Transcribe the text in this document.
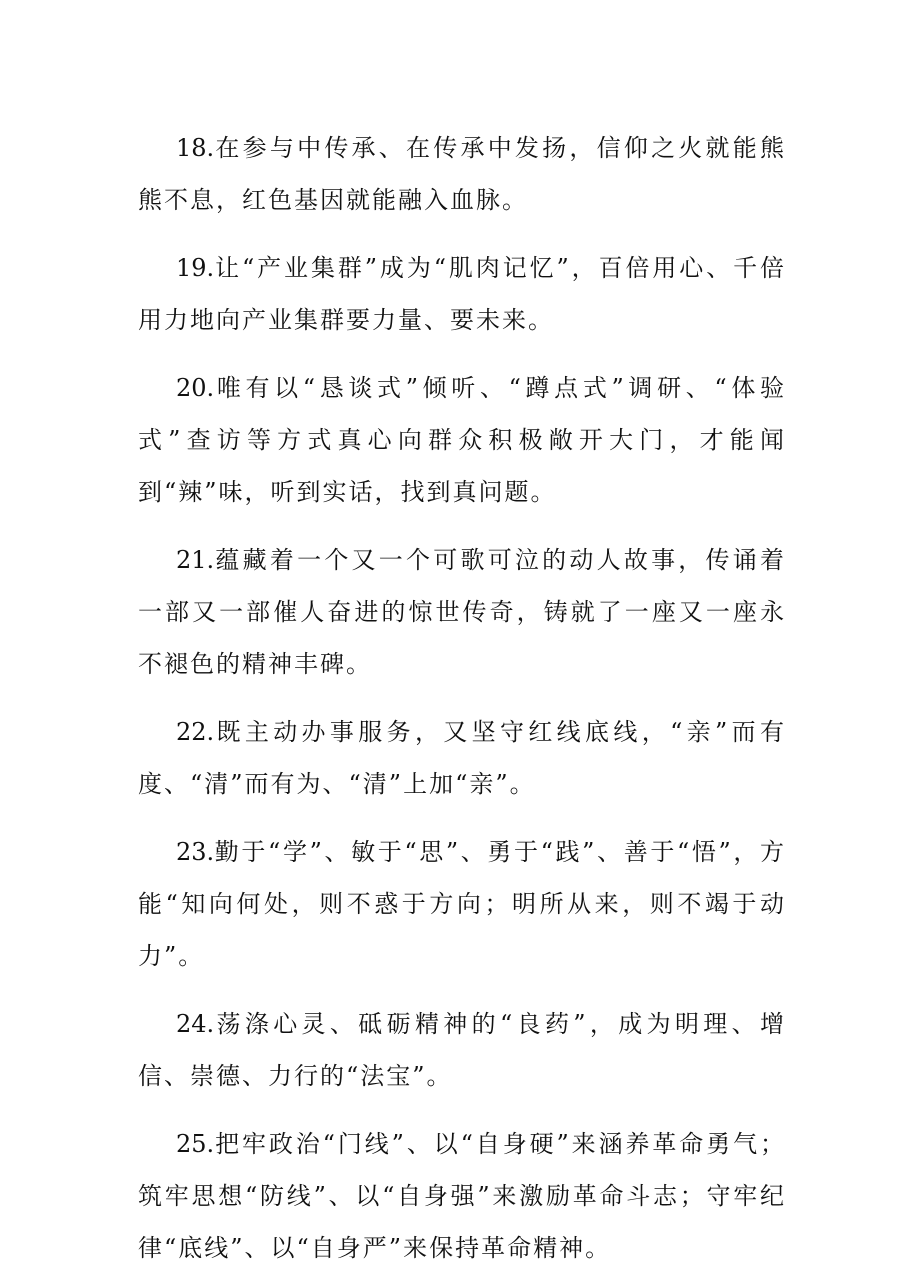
18.在参与中传承、在传承中发扬，信仰之火就能熊熊不息，红色基因就能融入血脉。

19.让“产业集群”成为“肌肉记忆”，百倍用心、千倍用力地向产业集群要力量、要未来。

20.唯有以“恳谈式”倾听、“蹲点式”调研、“体验式”查访等方式真心向群众积极敞开大门，才能闻到“辣”味，听到实话，找到真问题。

21.蕴藏着一个又一个可歌可泣的动人故事，传诵着一部又一部催人奋进的惊世传奇，铸就了一座又一座永不褪色的精神丰碑。

22.既主动办事服务，又坚守红线底线，“亲”而有度、“清”而有为、“清”上加“亲”。

23.勤于“学”、敏于“思”、勇于“践”、善于“悟”，方能“知向何处，则不惑于方向；明所从来，则不竭于动力”。

24.荡涤心灵、砥砺精神的“良药”，成为明理、增信、崇德、力行的“法宝”。

25.把牢政治“门线”、以“自身硬”来涵养革命勇气；筑牢思想“防线”、以“自身强”来激励革命斗志；守牢纪律“底线”、以“自身严”来保持革命精神。
